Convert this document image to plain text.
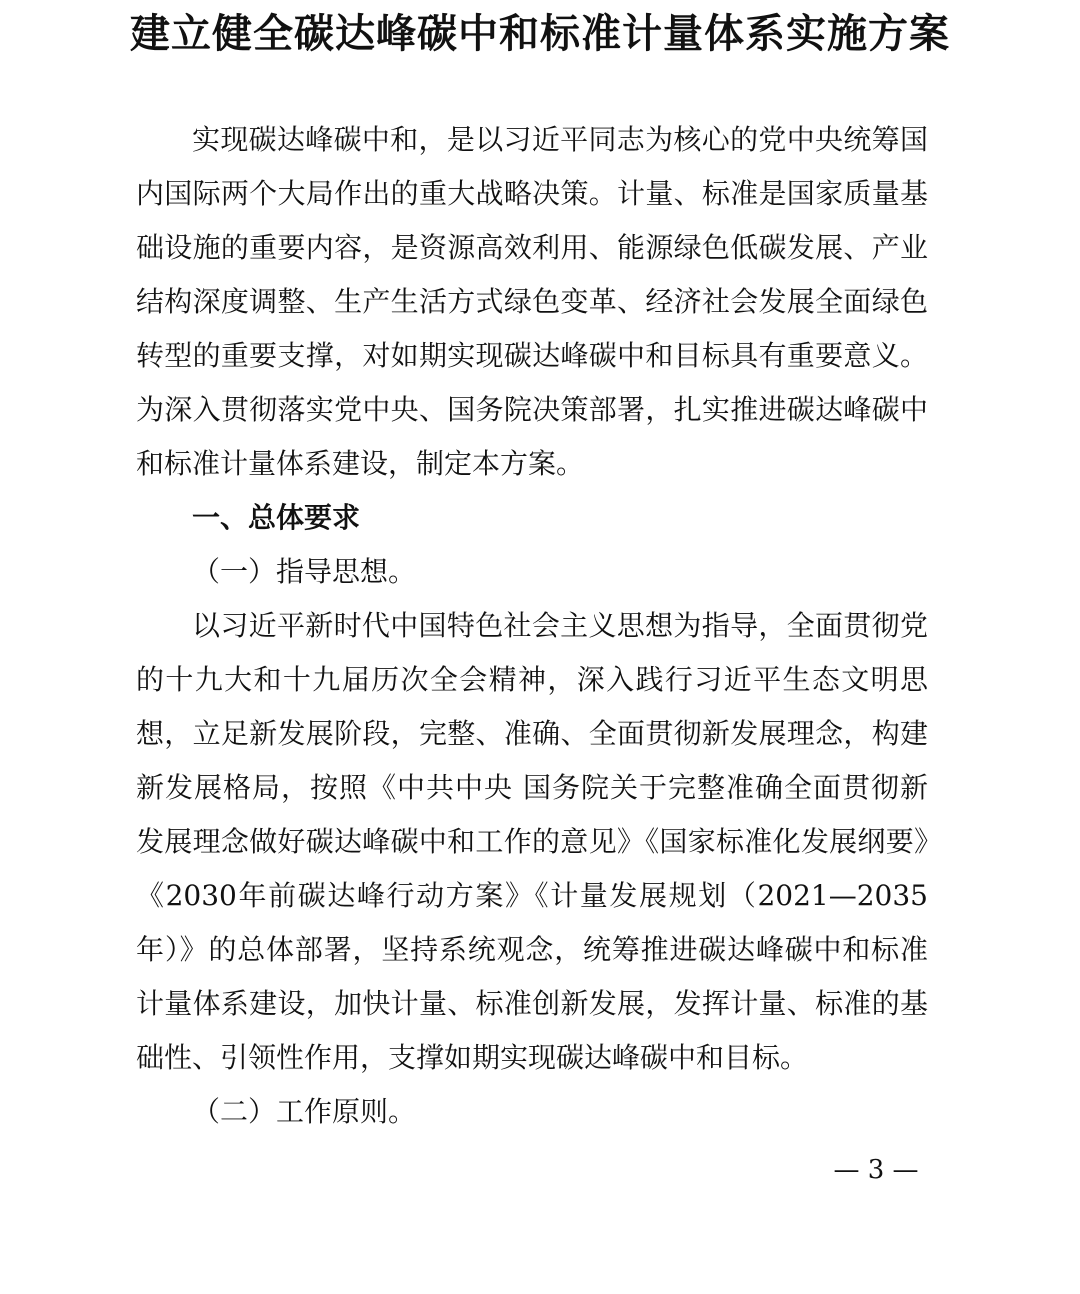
建立健全碳达峰碳中和标准计量体系实施方案

实现碳达峰碳中和，是以习近平同志为核心的党中央统筹国内国际两个大局作出的重大战略决策。计量、标准是国家质量基础设施的重要内容，是资源高效利用、能源绿色低碳发展、产业结构深度调整、生产生活方式绿色变革、经济社会发展全面绿色转型的重要支撑，对如期实现碳达峰碳中和目标具有重要意义。为深入贯彻落实党中央、国务院决策部署，扎实推进碳达峰碳中和标准计量体系建设，制定本方案。

一、总体要求

（一）指导思想。

以习近平新时代中国特色社会主义思想为指导，全面贯彻党的十九大和十九届历次全会精神，深入践行习近平生态文明思想，立足新发展阶段，完整、准确、全面贯彻新发展理念，构建新发展格局，按照《中共中央 国务院关于完整准确全面贯彻新发展理念做好碳达峰碳中和工作的意见》《国家标准化发展纲要》《2030年前碳达峰行动方案》《计量发展规划（2021—2035年）》的总体部署，坚持系统观念，统筹推进碳达峰碳中和标准计量体系建设，加快计量、标准创新发展，发挥计量、标准的基础性、引领性作用，支撑如期实现碳达峰碳中和目标。

（二）工作原则。

— 3 —
